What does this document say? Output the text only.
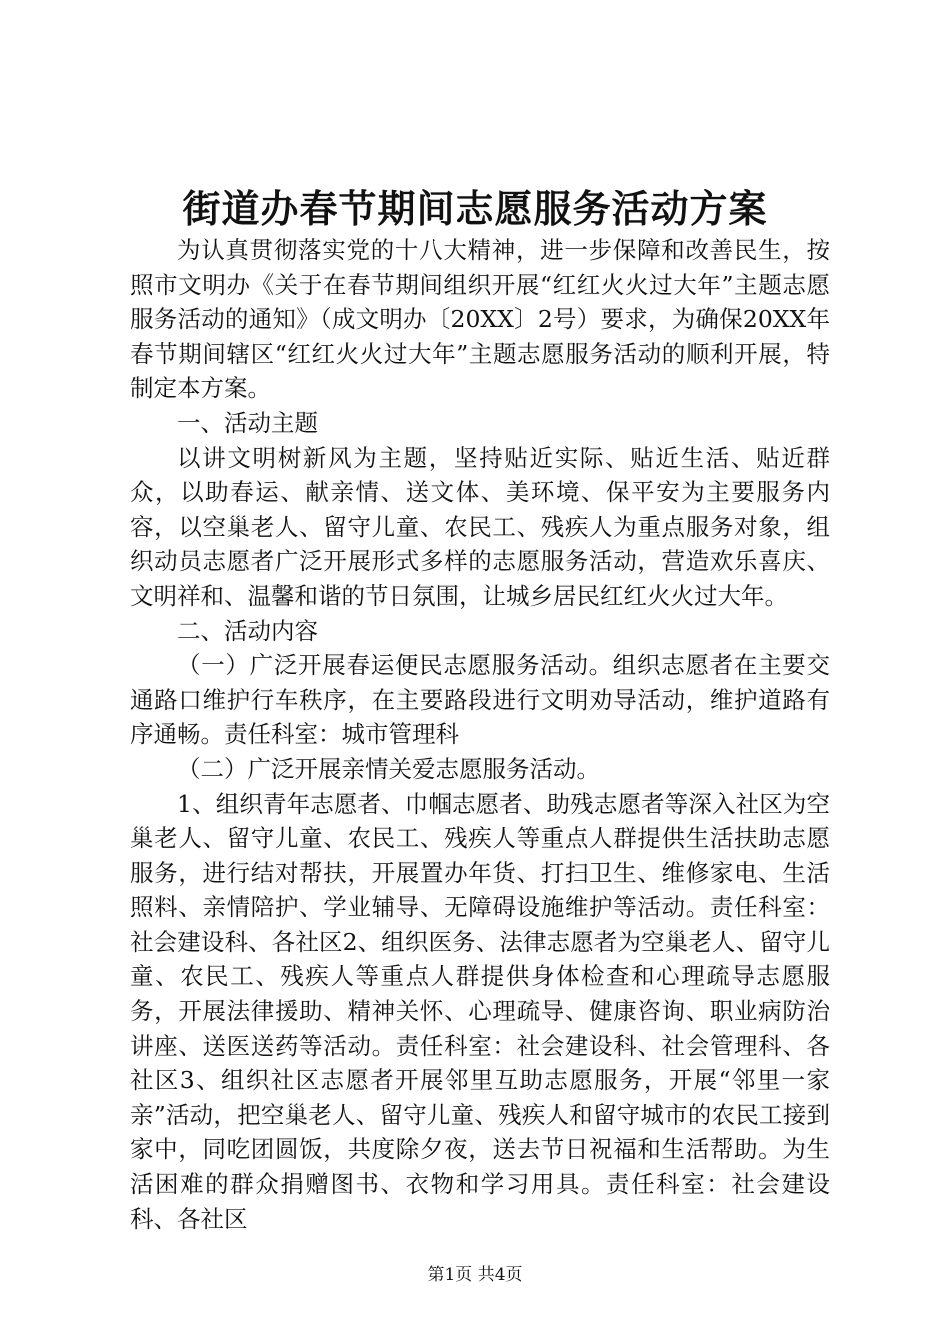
街道办春节期间志愿服务活动方案

为认真贯彻落实党的十八大精神，进一步保障和改善民生，按照市文明办《关于在春节期间组织开展“红红火火过大年”主题志愿服务活动的通知》（成文明办〔20XX〕2号）要求，为确保20XX年春节期间辖区“红红火火过大年”主题志愿服务活动的顺利开展，特制定本方案。

一、活动主题

以讲文明树新风为主题，坚持贴近实际、贴近生活、贴近群众，以助春运、献亲情、送文体、美环境、保平安为主要服务内容，以空巢老人、留守儿童、农民工、残疾人为重点服务对象，组织动员志愿者广泛开展形式多样的志愿服务活动，营造欢乐喜庆、文明祥和、温馨和谐的节日氛围，让城乡居民红红火火过大年。

二、活动内容

（一）广泛开展春运便民志愿服务活动。组织志愿者在主要交通路口维护行车秩序，在主要路段进行文明劝导活动，维护道路有序通畅。责任科室：城市管理科

（二）广泛开展亲情关爱志愿服务活动。

1、组织青年志愿者、巾帼志愿者、助残志愿者等深入社区为空巢老人、留守儿童、农民工、残疾人等重点人群提供生活扶助志愿服务，进行结对帮扶，开展置办年货、打扫卫生、维修家电、生活照料、亲情陪护、学业辅导、无障碍设施维护等活动。责任科室：社会建设科、各社区2、组织医务、法律志愿者为空巢老人、留守儿童、农民工、残疾人等重点人群提供身体检查和心理疏导志愿服务，开展法律援助、精神关怀、心理疏导、健康咨询、职业病防治讲座、送医送药等活动。责任科室：社会建设科、社会管理科、各社区3、组织社区志愿者开展邻里互助志愿服务，开展“邻里一家亲”活动，把空巢老人、留守儿童、残疾人和留守城市的农民工接到家中，同吃团圆饭，共度除夕夜，送去节日祝福和生活帮助。为生活困难的群众捐赠图书、衣物和学习用具。责任科室：社会建设科、各社区

第1页 共4页
